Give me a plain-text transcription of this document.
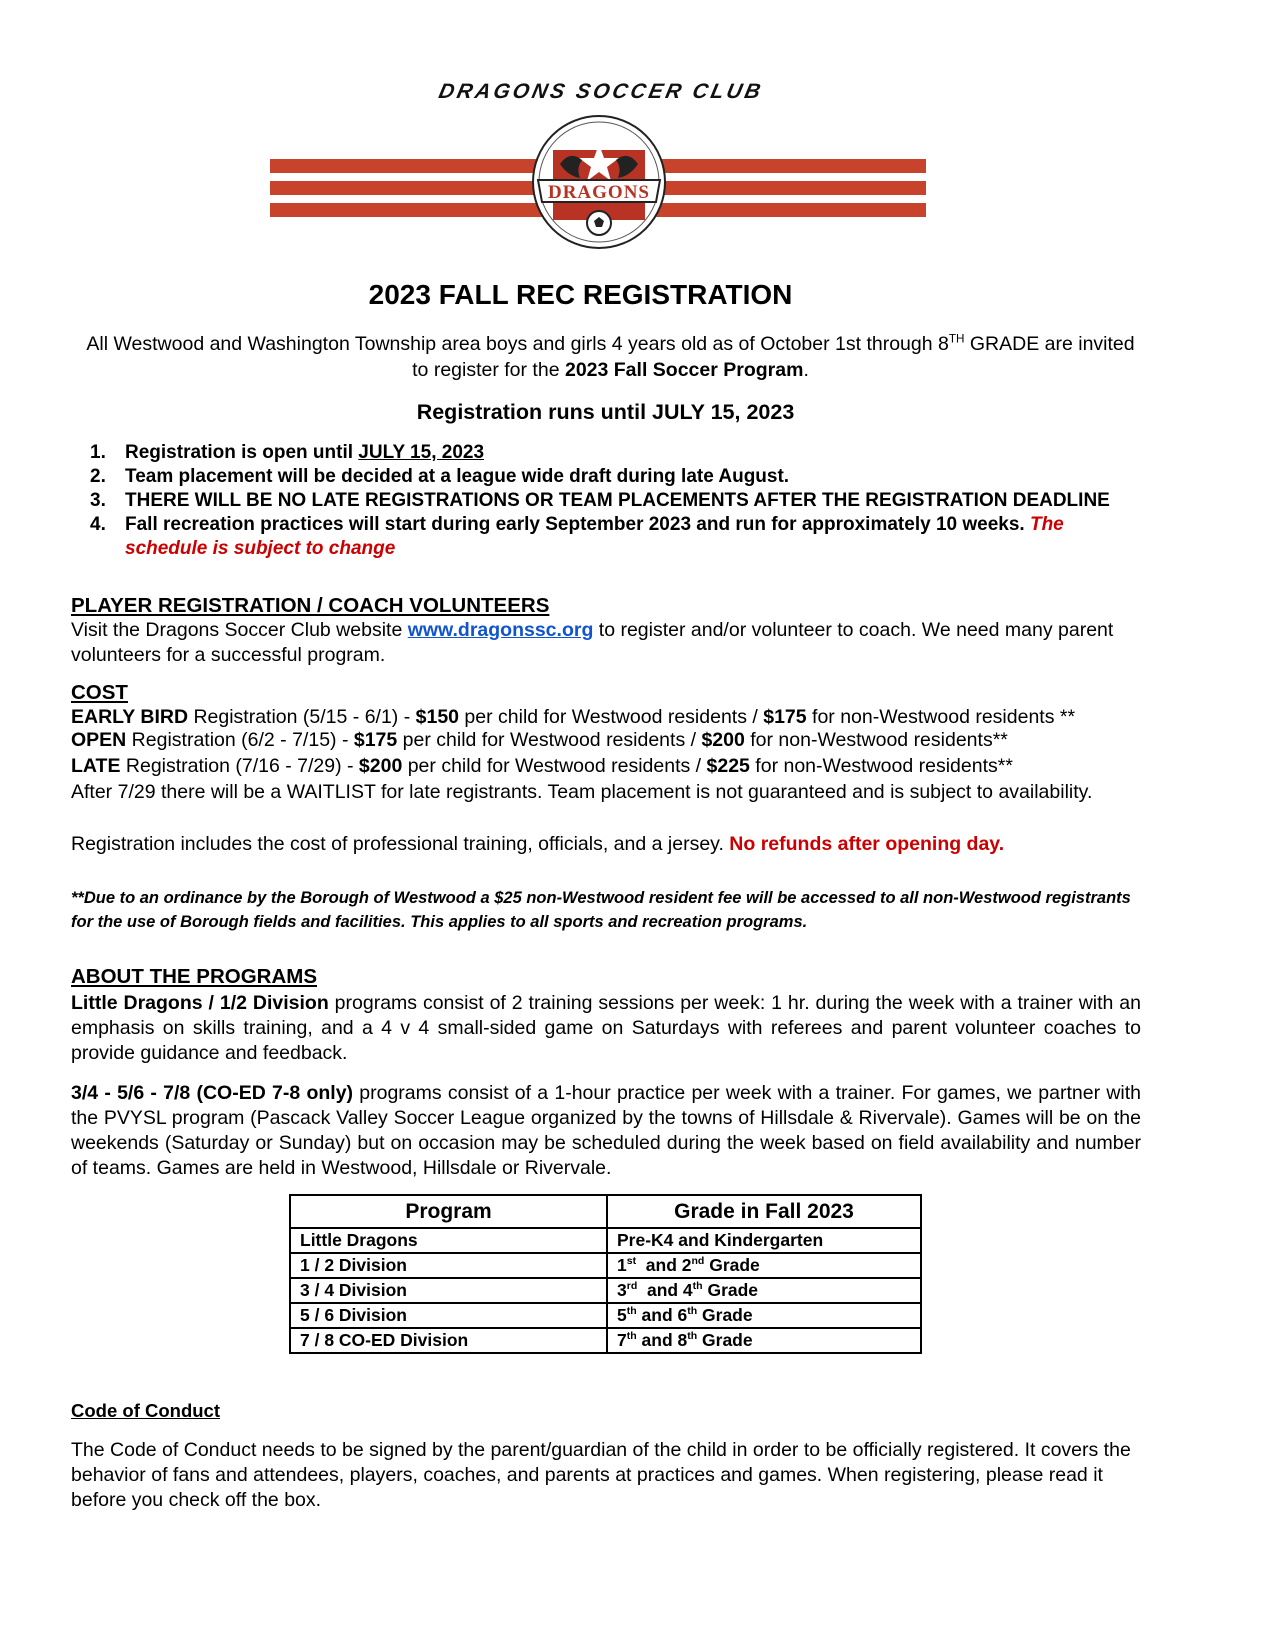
DRAGONS SOCCER CLUB
DRAGONS
2023 FALL REC REGISTRATION
All Westwood and Washington Township area boys and girls 4 years old as of October 1st through 8TH GRADE are invited
to register for the 2023 Fall Soccer Program.
Registration runs until JULY 15, 2023
1. Registration is open until JULY 15, 2023
2. Team placement will be decided at a league wide draft during late August.
3. THERE WILL BE NO LATE REGISTRATIONS OR TEAM PLACEMENTS AFTER THE REGISTRATION DEADLINE
4. Fall recreation practices will start during early September 2023 and run for approximately 10 weeks. The schedule is subject to change
PLAYER REGISTRATION / COACH VOLUNTEERS
Visit the Dragons Soccer Club website www.dragonssc.org to register and/or volunteer to coach. We need many parent volunteers for a successful program.
COST
EARLY BIRD Registration (5/15 - 6/1) - $150 per child for Westwood residents / $175 for non-Westwood residents **
OPEN Registration (6/2 - 7/15) - $175 per child for Westwood residents / $200 for non-Westwood residents**
LATE Registration (7/16 - 7/29) - $200 per child for Westwood residents / $225 for non-Westwood residents**
After 7/29 there will be a WAITLIST for late registrants. Team placement is not guaranteed and is subject to availability.
Registration includes the cost of professional training, officials, and a jersey. No refunds after opening day.
**Due to an ordinance by the Borough of Westwood a $25 non-Westwood resident fee will be accessed to all non-Westwood registrants for the use of Borough fields and facilities. This applies to all sports and recreation programs.
ABOUT THE PROGRAMS
Little Dragons / 1/2 Division programs consist of 2 training sessions per week: 1 hr. during the week with a trainer with an emphasis on skills training, and a 4 v 4 small-sided game on Saturdays with referees and parent volunteer coaches to provide guidance and feedback.
3/4 - 5/6 - 7/8 (CO-ED 7-8 only) programs consist of a 1-hour practice per week with a trainer. For games, we partner with the PVYSL program (Pascack Valley Soccer League organized by the towns of Hillsdale & Rivervale). Games will be on the weekends (Saturday or Sunday) but on occasion may be scheduled during the week based on field availability and number of teams. Games are held in Westwood, Hillsdale or Rivervale.
Program	Grade in Fall 2023
Little Dragons	Pre-K4 and Kindergarten
1 / 2 Division	1st  and 2nd Grade
3 / 4 Division	3rd  and 4th Grade
5 / 6 Division	5th and 6th Grade
7 / 8 CO-ED Division	7th and 8th Grade
Code of Conduct
The Code of Conduct needs to be signed by the parent/guardian of the child in order to be officially registered. It covers the behavior of fans and attendees, players, coaches, and parents at practices and games. When registering, please read it before you check off the box.
